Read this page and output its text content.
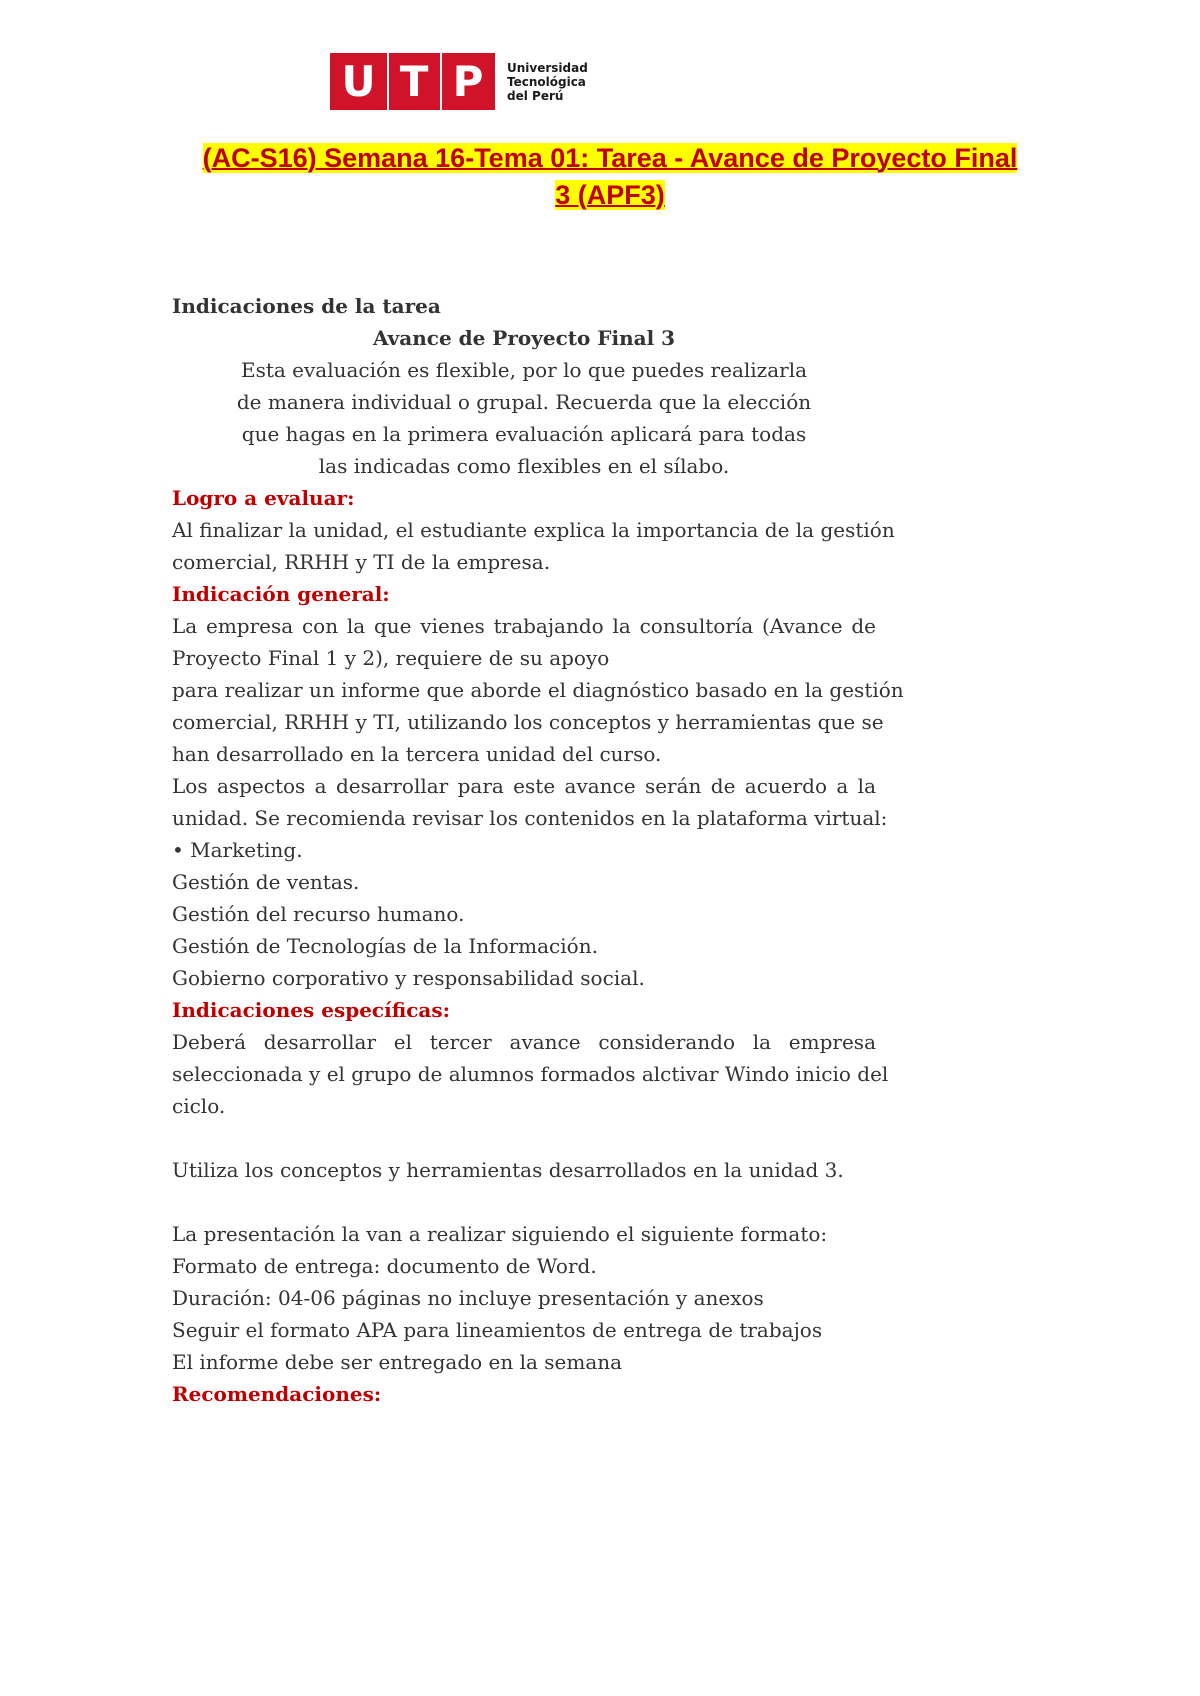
U T P Universidad
Tecnológica
del Perú
(AC-S16) Semana 16-Tema 01: Tarea - Avance de Proyecto Final
3 (APF3)
Indicaciones de la tarea
Avance de Proyecto Final 3
Esta evaluación es flexible, por lo que puedes realizarla
de manera individual o grupal. Recuerda que la elección
que hagas en la primera evaluación aplicará para todas
las indicadas como flexibles en el sílabo.
Logro a evaluar:
Al finalizar la unidad, el estudiante explica la importancia de la gestión
comercial, RRHH y TI de la empresa.
Indicación general:
La empresa con la que vienes trabajando la consultoría (Avance de
Proyecto Final 1 y 2), requiere de su apoyo
para realizar un informe que aborde el diagnóstico basado en la gestión
comercial, RRHH y TI, utilizando los conceptos y herramientas que se
han desarrollado en la tercera unidad del curso.
Los aspectos a desarrollar para este avance serán de acuerdo a la
unidad. Se recomienda revisar los contenidos en la plataforma virtual:
• Marketing.
Gestión de ventas.
Gestión del recurso humano.
Gestión de Tecnologías de la Información.
Gobierno corporativo y responsabilidad social.
Indicaciones específicas:
Deberá desarrollar el tercer avance considerando la empresa
seleccionada y el grupo de alumnos formados alctivar Windo inicio del
ciclo.
Utiliza los conceptos y herramientas desarrollados en la unidad 3.
La presentación la van a realizar siguiendo el siguiente formato:
Formato de entrega: documento de Word.
Duración: 04-06 páginas no incluye presentación y anexos
Seguir el formato APA para lineamientos de entrega de trabajos
El informe debe ser entregado en la semana
Recomendaciones:
